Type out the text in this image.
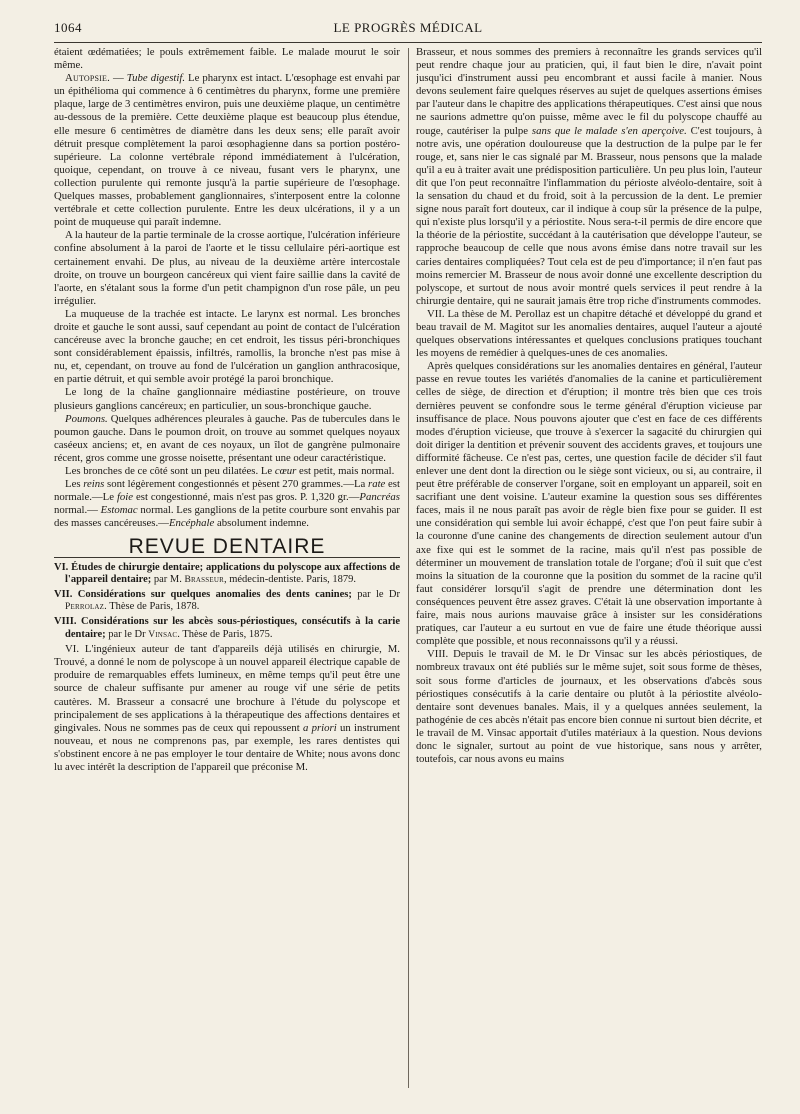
1064	LE PROGRÈS MÉDICAL

étaient œdématiées; le pouls extrêmement faible. Le malade mourut le soir même.

Autopsie. — Tube digestif. Le pharynx est intact. L'œsophage est envahi par un épithélioma qui commence à 6 centimètres du pharynx, forme une première plaque, large de 3 centimètres environ, puis une deuxième plaque, un centimètre au-dessous de la première. Cette deuxième plaque est beaucoup plus étendue, elle mesure 6 centimètres de diamètre dans les deux sens; elle paraît avoir détruit presque complètement la paroi œsophagienne dans sa portion postéro-supérieure. La colonne vertébrale répond immédiatement à l'ulcération, quoique, cependant, on trouve à ce niveau, fusant vers le pharynx, une collection purulente qui remonte jusqu'à la partie supérieure de l'œsophage. Quelques masses, probablement ganglionnaires, s'interposent entre la colonne vertébrale et cette collection purulente. Entre les deux ulcérations, il y a un point de muqueuse qui paraît indemne.

A la hauteur de la partie terminale de la crosse aortique, l'ulcération inférieure confine absolument à la paroi de l'aorte et le tissu cellulaire péri-aortique est certainement envahi. De plus, au niveau de la deuxième artère intercostale droite, on trouve un bourgeon cancéreux qui vient faire saillie dans la cavité de l'aorte, en s'étalant sous la forme d'un petit champignon d'un rose pâle, un peu irrégulier.

La muqueuse de la trachée est intacte. Le larynx est normal. Les bronches droite et gauche le sont aussi, sauf cependant au point de contact de l'ulcération cancéreuse avec la bronche gauche; en cet endroit, les tissus péri-bronchiques sont considérablement épaissis, infiltrés, ramollis, la bronche n'est pas mise à nu, et, cependant, on trouve au fond de l'ulcération un ganglion anthracosique, en partie détruit, et qui semble avoir protégé la paroi bronchique.

Le long de la chaîne ganglionnaire médiastine postérieure, on trouve plusieurs ganglions cancéreux; en particulier, un sous-bronchique gauche.

Poumons. Quelques adhérences pleurales à gauche. Pas de tubercules dans le poumon gauche. Dans le poumon droit, on trouve au sommet quelques noyaux caséeux anciens; et, en avant de ces noyaux, un îlot de gangrène pulmonaire récent, gros comme une grosse noisette, présentant une odeur caractéristique.

Les bronches de ce côté sont un peu dilatées. Le cœur est petit, mais normal.

Les reins sont légèrement congestionnés et pèsent 270 grammes.—La rate est normale.—Le foie est congestionné, mais n'est pas gros. P. 1,320 gr.—Pancréas normal.— Estomac normal. Les ganglions de la petite courbure sont envahis par des masses cancéreuses.—Encéphale absolument indemne.

REVUE DENTAIRE
VI. Études de chirurgie dentaire; applications du polyscope aux affections de l'appareil dentaire; par M. Brasseur, médecin-dentiste. Paris, 1879.
VII. Considérations sur quelques anomalies des dents canines; par le Dr Perrolaz. Thèse de Paris, 1878.
VIII. Considérations sur les abcès sous-périostiques, consécutifs à la carie dentaire; par le Dr Vinsac. Thèse de Paris, 1875.

VI. L'ingénieux auteur de tant d'appareils déjà utilisés en chirurgie, M. Trouvé, a donné le nom de polyscope à un nouvel appareil électrique capable de produire de remarquables effets lumineux, en même temps qu'il peut être une source de chaleur suffisante pur amener au rouge vif une série de petits cautères. M. Brasseur a consacré une brochure à l'étude du polyscope et principalement de ses applications à la thérapeutique des affections dentaires et gingivales. Nous ne sommes pas de ceux qui repoussent a priori un instrument nouveau, et nous ne comprenons pas, par exemple, les rares dentistes qui s'obstinent encore à ne pas employer le tour dentaire de White; nous avons donc lu avec intérêt la description de l'appareil que préconise M.

Brasseur, et nous sommes des premiers à reconnaître les grands services qu'il peut rendre chaque jour au praticien, qui, il faut bien le dire, n'avait point jusqu'ici d'instrument aussi peu encombrant et aussi facile à manier. Nous devons seulement faire quelques réserves au sujet de quelques assertions émises par l'auteur dans le chapitre des applications thérapeutiques. C'est ainsi que nous ne saurions admettre qu'on puisse, même avec le fil du polyscope chauffé au rouge, cautériser la pulpe sans que le malade s'en aperçoive. C'est toujours, à notre avis, une opération douloureuse que la destruction de la pulpe par le fer rouge, et, sans nier le cas signalé par M. Brasseur, nous pensons que la malade qu'il a eu à traiter avait une prédisposition particulière. Un peu plus loin, l'auteur dit que l'on peut reconnaître l'inflammation du périoste alvéolo-dentaire, soit à la sensation du chaud et du froid, soit à la percussion de la dent. Le premier signe nous paraît fort douteux, car il indique à coup sûr la présence de la pulpe, qui n'existe plus lorsqu'il y a périostite. Nous sera-t-il permis de dire encore que la théorie de la périostite, succédant à la cautérisation que développe l'auteur, se rapproche beaucoup de celle que nous avons émise dans notre travail sur les caries dentaires compliquées? Tout cela est de peu d'importance; il n'en faut pas moins remercier M. Brasseur de nous avoir donné une excellente description du polyscope, et surtout de nous avoir montré quels services il peut rendre à la chirurgie dentaire, qui ne saurait jamais être trop riche d'instruments commodes.

VII. La thèse de M. Perollaz est un chapitre détaché et développé du grand et beau travail de M. Magitot sur les anomalies dentaires, auquel l'auteur a ajouté quelques observations intéressantes et quelques conclusions pratiques touchant les moyens de remédier à quelques-unes de ces anomalies.

Après quelques considérations sur les anomalies dentaires en général, l'auteur passe en revue toutes les variétés d'anomalies de la canine et particulièrement celles de siège, de direction et d'éruption; il montre très bien que ces trois dernières peuvent se confondre sous le terme général d'éruption vicieuse par insuffisance de place. Nous pouvons ajouter que c'est en face de ces différents modes d'éruption vicieuse, que trouve à s'exercer la sagacité du chirurgien qui doit diriger la dentition et prévenir souvent des accidents graves, et toujours une difformité fâcheuse. Ce n'est pas, certes, une question facile de décider s'il faut enlever une dent dont la direction ou le siège sont vicieux, ou si, au contraire, il peut être préférable de conserver l'organe, soit en employant un appareil, soit en sacrifiant une dent voisine. L'auteur examine la question sous ses différentes faces, mais il ne nous paraît pas avoir de règle bien fixe pour se guider. Il est une considération qui semble lui avoir échappé, c'est que l'on peut faire subir à la couronne d'une canine des changements de direction seulement autour d'un axe fixe qui est le sommet de la racine, mais qu'il n'est pas possible de déterminer un mouvement de translation totale de l'organe; d'où il suit que c'est moins la situation de la couronne que la position du sommet de la racine qu'il faut considérer lorsqu'il s'agit de prendre une détermination dont les conséquences peuvent être assez graves. C'était là une observation importante à faire, mais nous aurions mauvaise grâce à insister sur les considérations pratiques, car l'auteur a eu surtout en vue de faire une étude théorique aussi complète que possible, et nous reconnaissons qu'il y a réussi.

VIII. Depuis le travail de M. le Dr Vinsac sur les abcès périostiques, de nombreux travaux ont été publiés sur le même sujet, soit sous forme de thèses, soit sous forme d'articles de journaux, et les observations d'abcès sous périostiques consécutifs à la carie dentaire ou plutôt à la périostite alvéolo-dentaire sont devenues banales. Mais, il y a quelques années seulement, la pathogénie de ces abcès n'était pas encore bien connue ni surtout bien décrite, et le travail de M. Vinsac apportait d'utiles matériaux à la question. Nous devions donc le signaler, surtout au point de vue historique, sans nous y arrêter, toutefois, car nous avons eu mains
